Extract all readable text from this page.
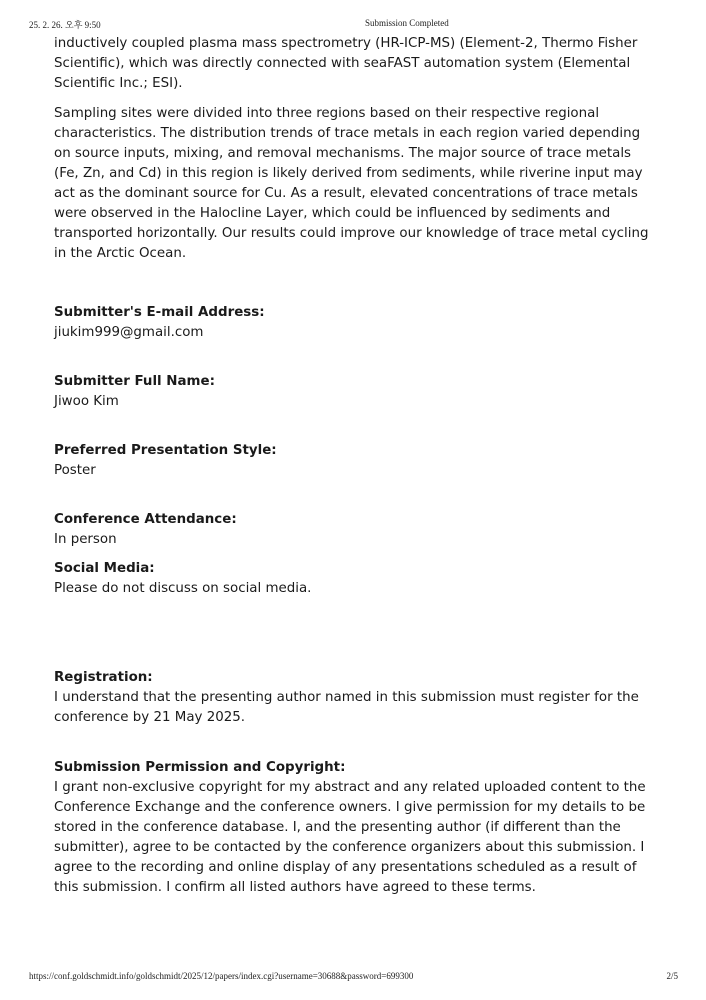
25. 2. 26. 오후 9:50	Submission Completed

inductively coupled plasma mass spectrometry (HR-ICP-MS) (Element-2, Thermo Fisher Scientific), which was directly connected with seaFAST automation system (Elemental Scientific Inc.; ESI).

Sampling sites were divided into three regions based on their respective regional characteristics. The distribution trends of trace metals in each region varied depending on source inputs, mixing, and removal mechanisms. The major source of trace metals (Fe, Zn, and Cd) in this region is likely derived from sediments, while riverine input may act as the dominant source for Cu. As a result, elevated concentrations of trace metals were observed in the Halocline Layer, which could be influenced by sediments and transported horizontally. Our results could improve our knowledge of trace metal cycling in the Arctic Ocean.

Submitter's E-mail Address:
jiukim999@gmail.com
Submitter Full Name:
Jiwoo Kim
Preferred Presentation Style:
Poster
Conference Attendance:
In person
Social Media:
Please do not discuss on social media.
Registration:
I understand that the presenting author named in this submission must register for the conference by 21 May 2025.
Submission Permission and Copyright:
I grant non-exclusive copyright for my abstract and any related uploaded content to the Conference Exchange and the conference owners. I give permission for my details to be stored in the conference database. I, and the presenting author (if different than the submitter), agree to be contacted by the conference organizers about this submission. I agree to the recording and online display of any presentations scheduled as a result of this submission. I confirm all listed authors have agreed to these terms.
https://conf.goldschmidt.info/goldschmidt/2025/12/papers/index.cgi?username=30688&password=699300	2/5
